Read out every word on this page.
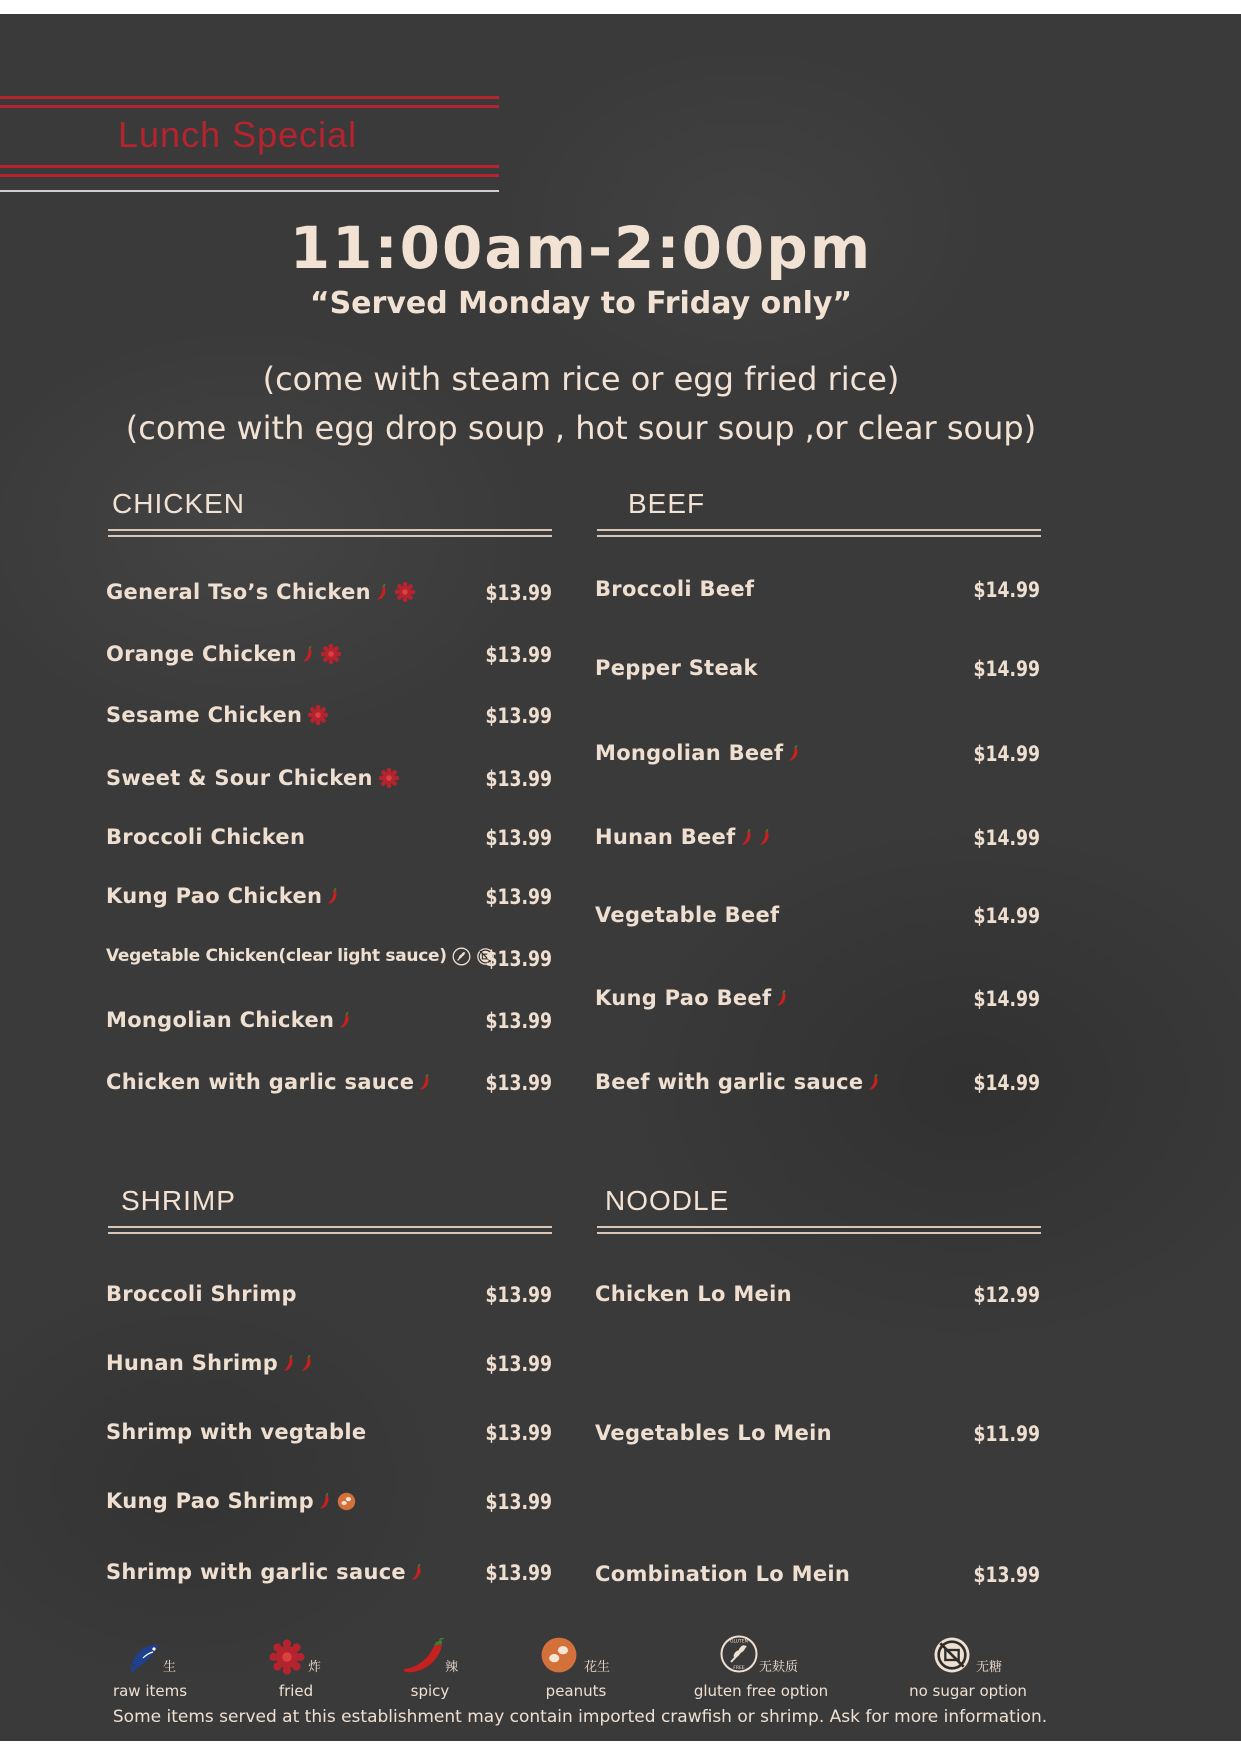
Lunch Special
11:00am-2:00pm
“Served Monday to Friday only”
(come with steam rice or egg fried rice)
(come with egg drop soup , hot sour soup ,or clear soup)
CHICKEN	BEEF
SHRIMP	NOODLE
General Tso’s Chicken	$13.99
Orange Chicken	$13.99
Sesame Chicken	$13.99
Sweet & Sour Chicken	$13.99
Broccoli Chicken	$13.99
Kung Pao Chicken	$13.99
Vegetable Chicken(clear light sauce)	$13.99
Mongolian Chicken	$13.99
Chicken with garlic sauce	$13.99
Broccoli Beef	$14.99
Pepper Steak	$14.99
Mongolian Beef	$14.99
Hunan Beef	$14.99
Vegetable Beef	$14.99
Kung Pao Beef	$14.99
Beef with garlic sauce	$14.99
Broccoli Shrimp	$13.99
Hunan Shrimp	$13.99
Shrimp with vegtable	$13.99
Kung Pao Shrimp	$13.99
Shrimp with garlic sauce	$13.99
Chicken Lo Mein	$12.99
Vegetables Lo Mein	$11.99
Combination Lo Mein	$13.99
生
raw items
炸
fried
辣
spicy
花生
peanuts
GLUTEN
FREE 无麸质
gluten free option
无糖
no sugar option
Some items served at this establishment may contain imported crawfish or shrimp. Ask for more information.
